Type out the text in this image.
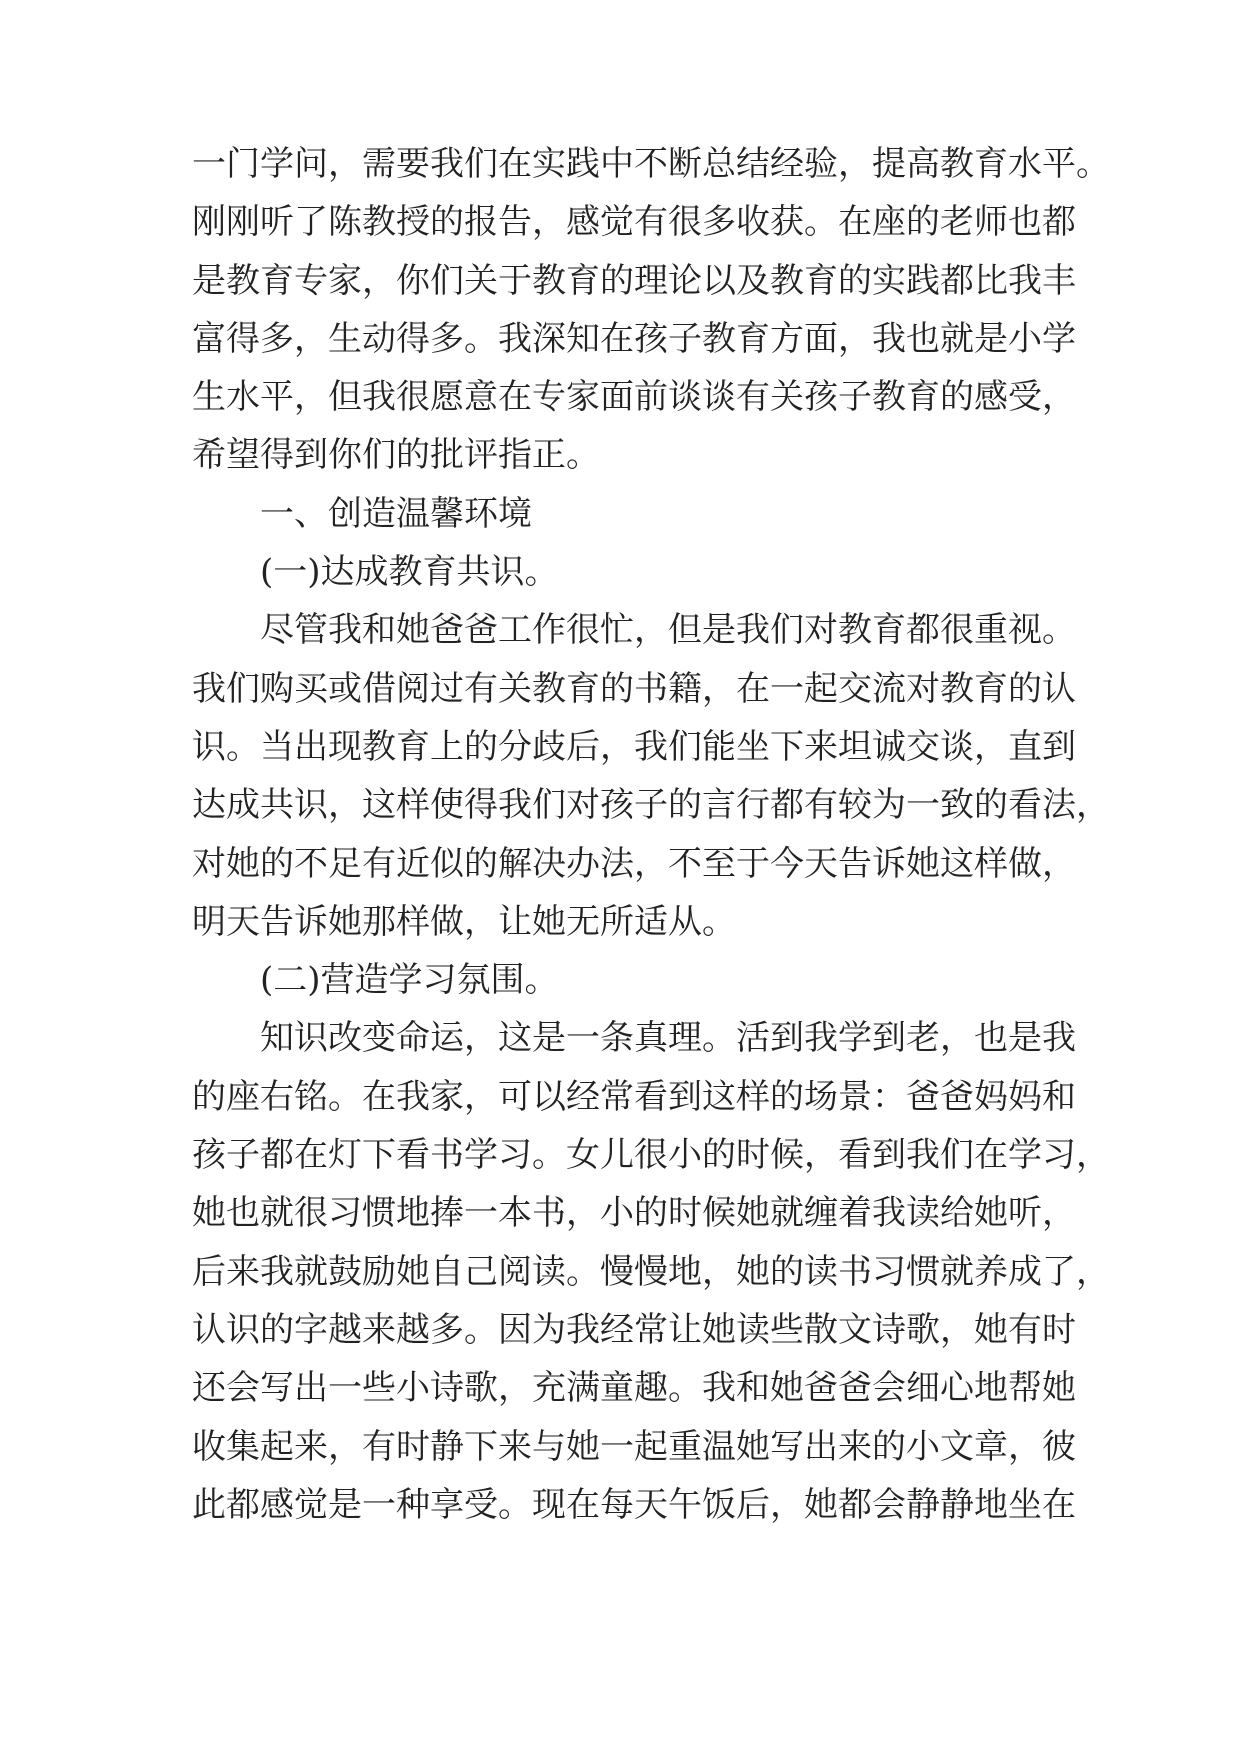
一门学问，需要我们在实践中不断总结经验，提高教育水平。
刚刚听了陈教授的报告，感觉有很多收获。在座的老师也都
是教育专家，你们关于教育的理论以及教育的实践都比我丰
富得多，生动得多。我深知在孩子教育方面，我也就是小学
生水平，但我很愿意在专家面前谈谈有关孩子教育的感受，
希望得到你们的批评指正。
　　一、创造温馨环境
　　(一)达成教育共识。
　　尽管我和她爸爸工作很忙，但是我们对教育都很重视。
我们购买或借阅过有关教育的书籍，在一起交流对教育的认
识。当出现教育上的分歧后，我们能坐下来坦诚交谈，直到
达成共识，这样使得我们对孩子的言行都有较为一致的看法，
对她的不足有近似的解决办法，不至于今天告诉她这样做，
明天告诉她那样做，让她无所适从。
　　(二)营造学习氛围。
　　知识改变命运，这是一条真理。活到我学到老，也是我
的座右铭。在我家，可以经常看到这样的场景：爸爸妈妈和
孩子都在灯下看书学习。女儿很小的时候，看到我们在学习，
她也就很习惯地捧一本书，小的时候她就缠着我读给她听，
后来我就鼓励她自己阅读。慢慢地，她的读书习惯就养成了，
认识的字越来越多。因为我经常让她读些散文诗歌，她有时
还会写出一些小诗歌，充满童趣。我和她爸爸会细心地帮她
收集起来，有时静下来与她一起重温她写出来的小文章，彼
此都感觉是一种享受。现在每天午饭后，她都会静静地坐在
